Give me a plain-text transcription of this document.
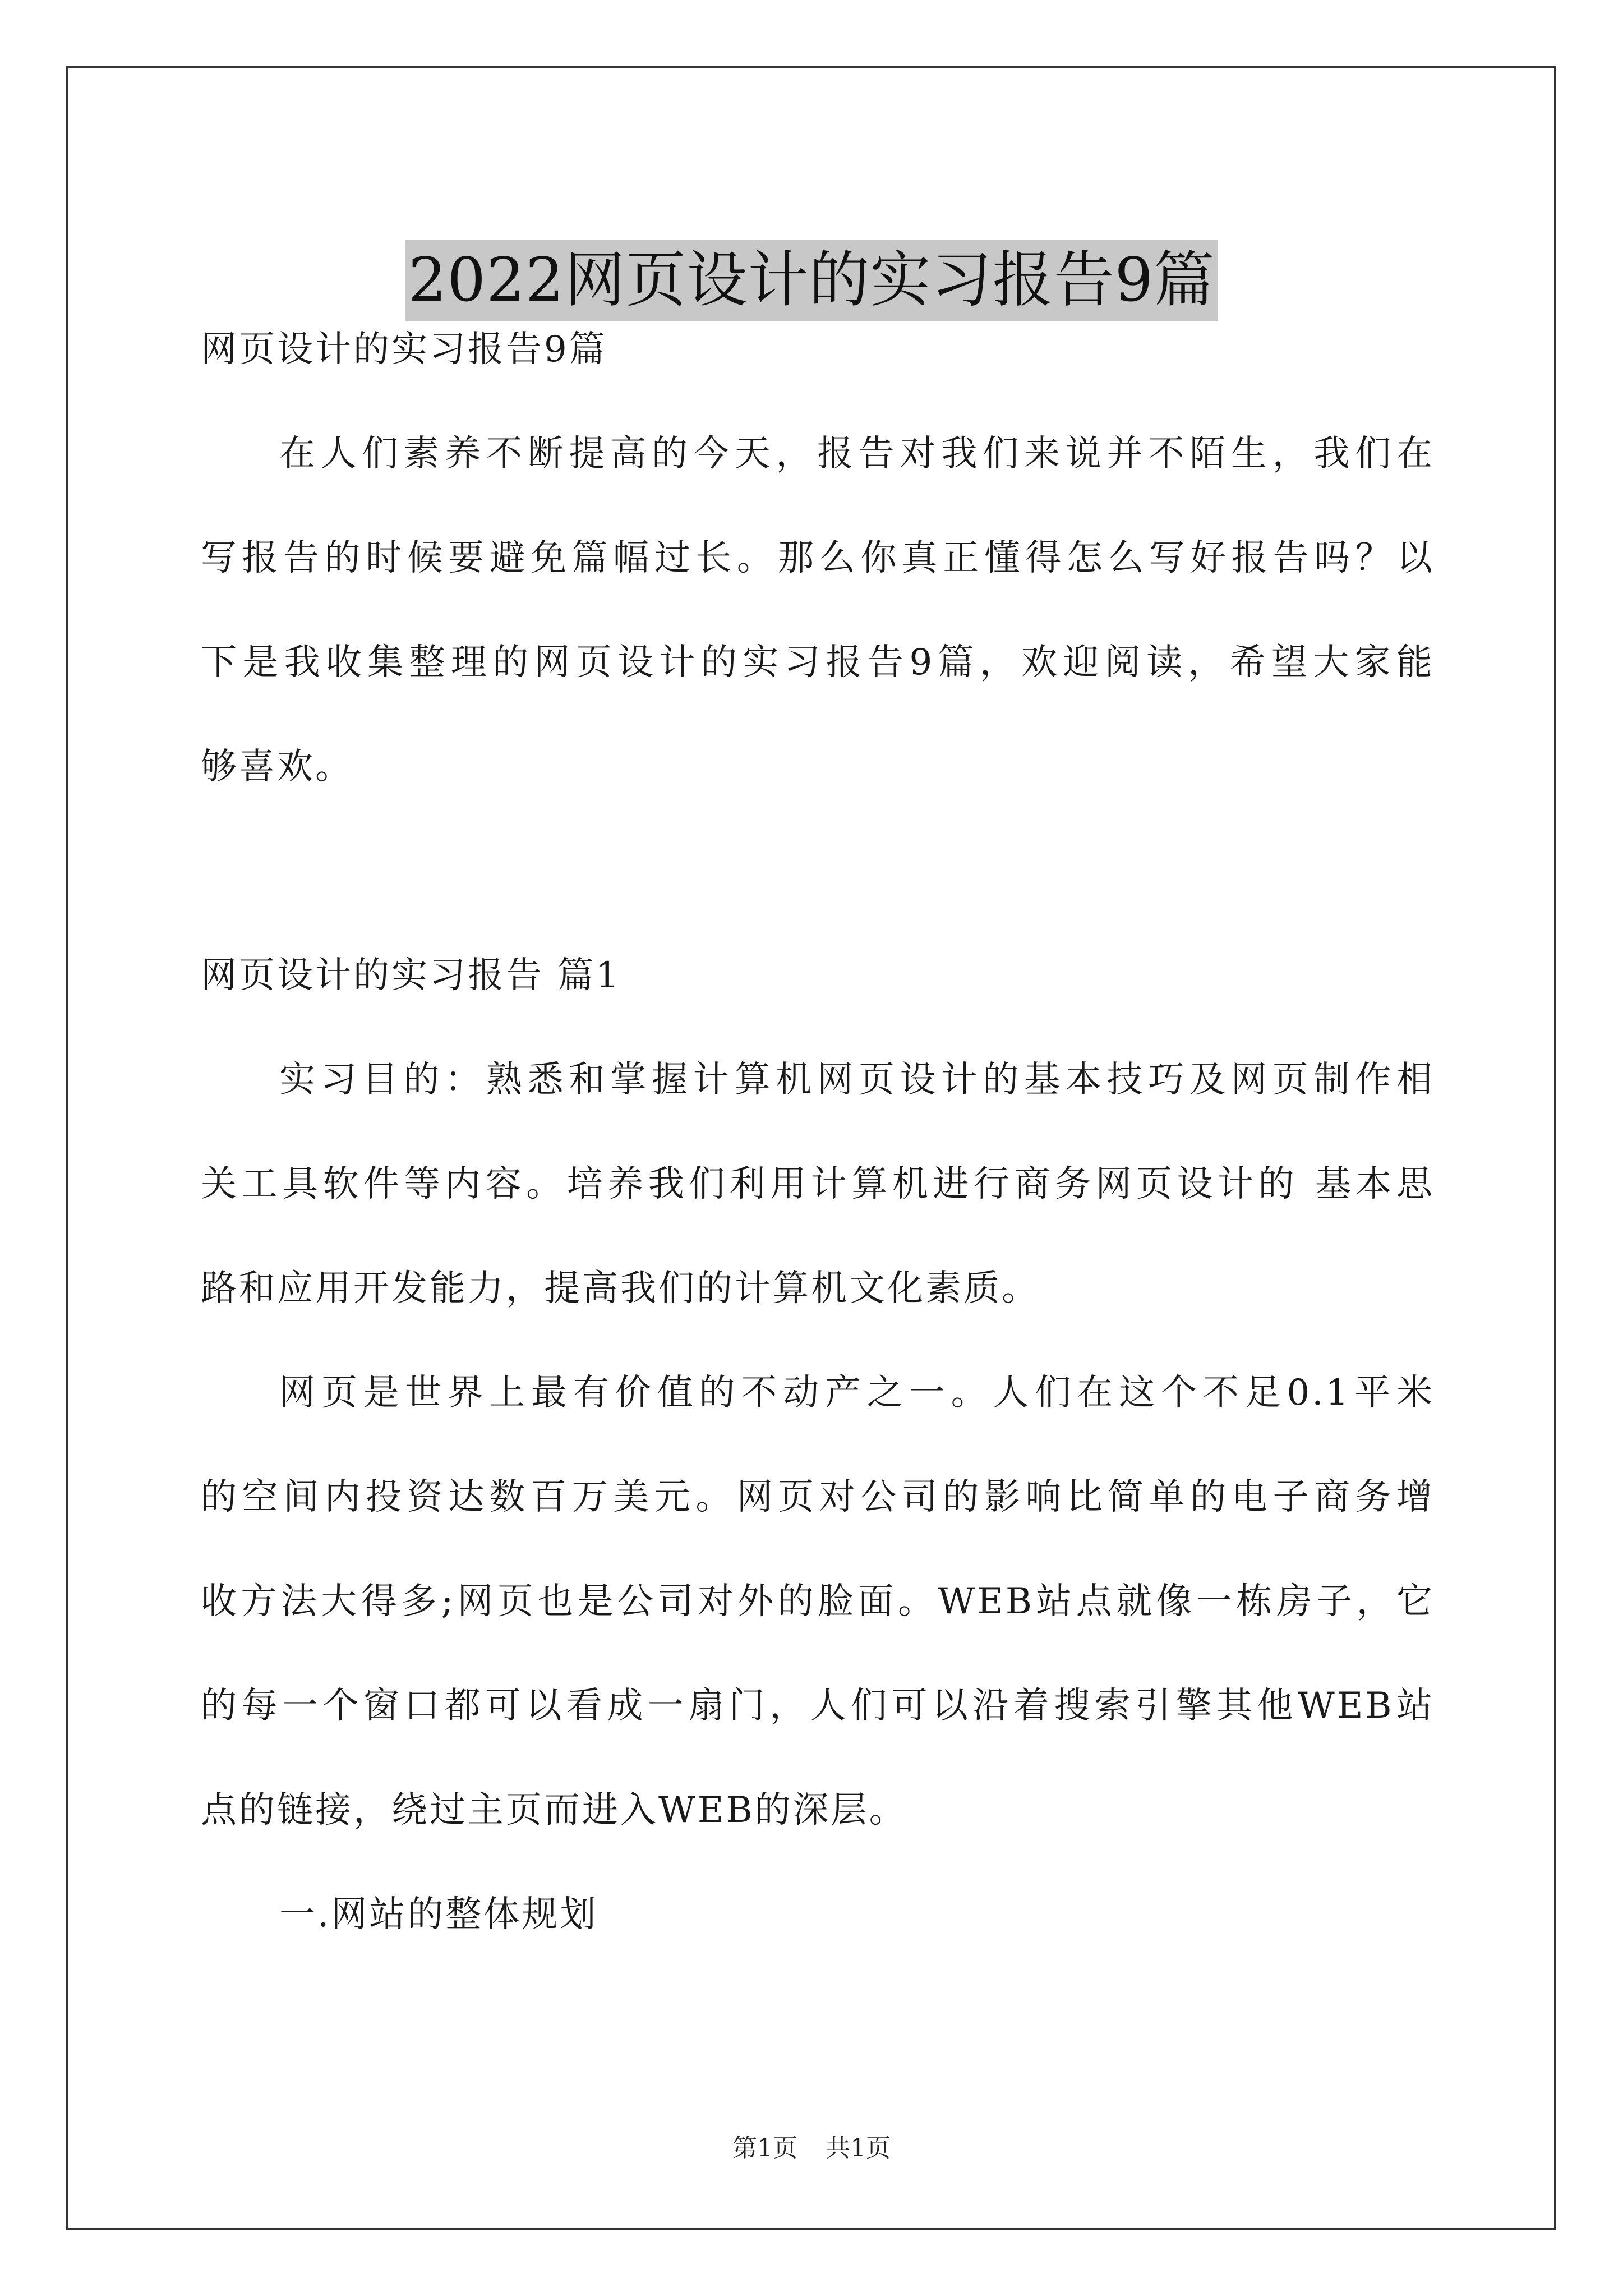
2022网页设计的实习报告9篇
网页设计的实习报告9篇
在人们素养不断提高的今天，报告对我们来说并不陌生，我们在
写报告的时候要避免篇幅过长。那么你真正懂得怎么写好报告吗？以
下是我收集整理的网页设计的实习报告9篇，欢迎阅读，希望大家能
够喜欢。
网页设计的实习报告 篇1
实习目的：熟悉和掌握计算机网页设计的基本技巧及网页制作相
关工具软件等内容。培养我们利用计算机进行商务网页设计的 基本思
路和应用开发能力，提高我们的计算机文化素质。
网页是世界上最有价值的不动产之一。人们在这个不足0.1平米
的空间内投资达数百万美元。网页对公司的影响比简单的电子商务增
收方法大得多;网页也是公司对外的脸面。WEB站点就像一栋房子，它
的每一个窗口都可以看成一扇门，人们可以沿着搜索引擎其他WEB站
点的链接，绕过主页而进入WEB的深层。
一.网站的整体规划
第1页 共1页
